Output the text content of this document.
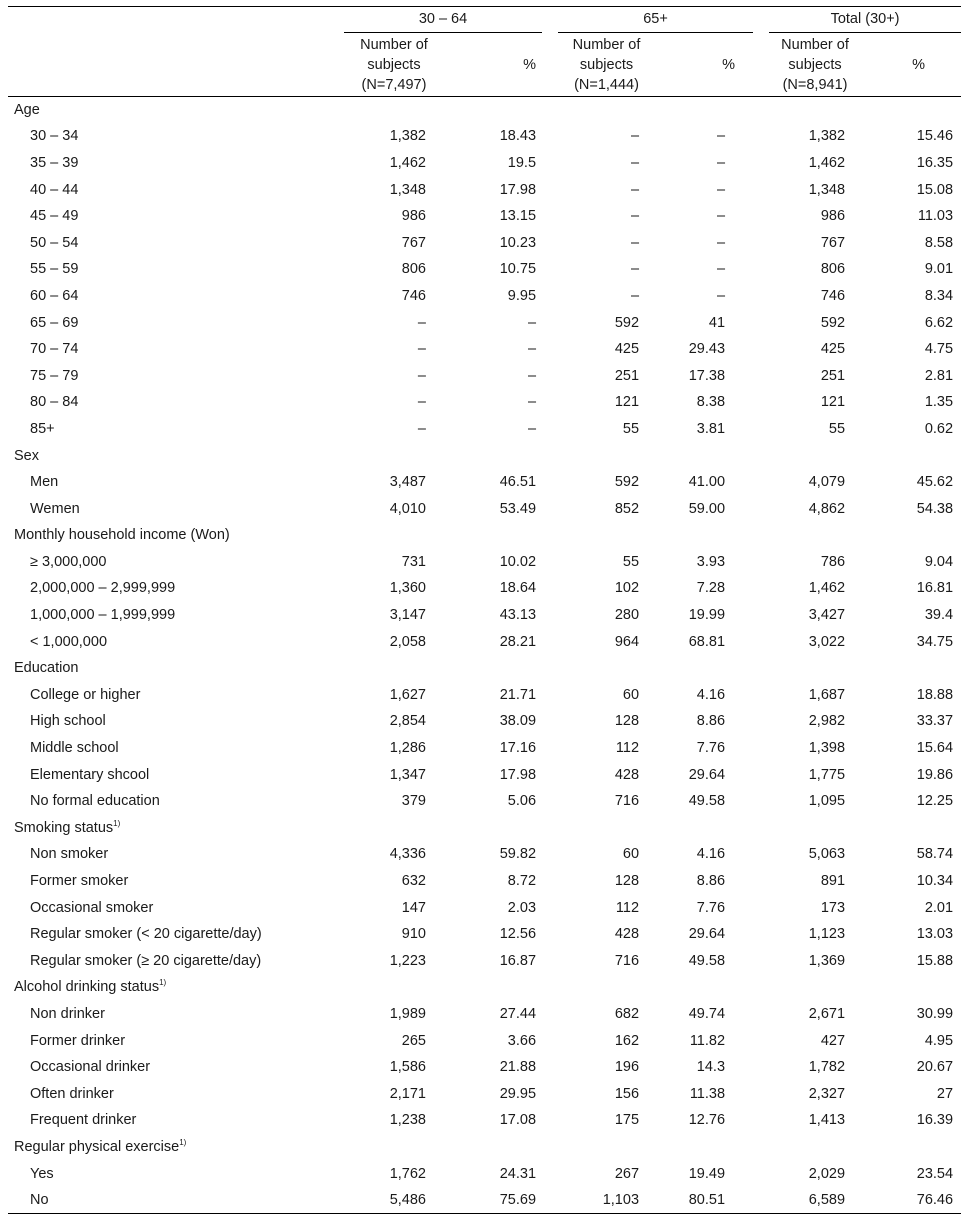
	30 – 64		65+		Total (30+)	

	Number of
subjects
(N=7,497)	%	Number of
subjects
(N=1,444)	%	Number of
subjects
(N=8,941)	%
Age						
30 – 34	1,382	18.43	–	–	1,382	15.46
35 – 39	1,462	19.5	–	–	1,462	16.35
40 – 44	1,348	17.98	–	–	1,348	15.08
45 – 49	986	13.15	–	–	986	11.03
50 – 54	767	10.23	–	–	767	8.58
55 – 59	806	10.75	–	–	806	9.01
60 – 64	746	9.95	–	–	746	8.34
65 – 69	–	–	592	41	592	6.62
70 – 74	–	–	425	29.43	425	4.75
75 – 79	–	–	251	17.38	251	2.81
80 – 84	–	–	121	8.38	121	1.35
85+	–	–	55	3.81	55	0.62
Sex						
Men	3,487	46.51	592	41.00	4,079	45.62
Wemen	4,010	53.49	852	59.00	4,862	54.38
Monthly household income (Won)						
≥ 3,000,000	731	10.02	55	3.93	786	9.04
2,000,000 – 2,999,999	1,360	18.64	102	7.28	1,462	16.81
1,000,000 – 1,999,999	3,147	43.13	280	19.99	3,427	39.4
< 1,000,000	2,058	28.21	964	68.81	3,022	34.75
Education						
College or higher	1,627	21.71	60	4.16	1,687	18.88
High school	2,854	38.09	128	8.86	2,982	33.37
Middle school	1,286	17.16	112	7.76	1,398	15.64
Elementary shcool	1,347	17.98	428	29.64	1,775	19.86
No formal education	379	5.06	716	49.58	1,095	12.25
Smoking status$^{1)}$						
Non smoker	4,336	59.82	60	4.16	5,063	58.74
Former smoker	632	8.72	128	8.86	891	10.34
Occasional smoker	147	2.03	112	7.76	173	2.01
Regular smoker (< 20 cigarette/day)	910	12.56	428	29.64	1,123	13.03
Regular smoker (≥ 20 cigarette/day)	1,223	16.87	716	49.58	1,369	15.88
Alcohol drinking status$^{1)}$						
Non drinker	1,989	27.44	682	49.74	2,671	30.99
Former drinker	265	3.66	162	11.82	427	4.95
Occasional drinker	1,586	21.88	196	14.3	1,782	20.67
Often drinker	2,171	29.95	156	11.38	2,327	27
Frequent drinker	1,238	17.08	175	12.76	1,413	16.39
Regular physical exercise$^{1)}$						
Yes	1,762	24.31	267	19.49	2,029	23.54
No	5,486	75.69	1,103	80.51	6,589	76.46
